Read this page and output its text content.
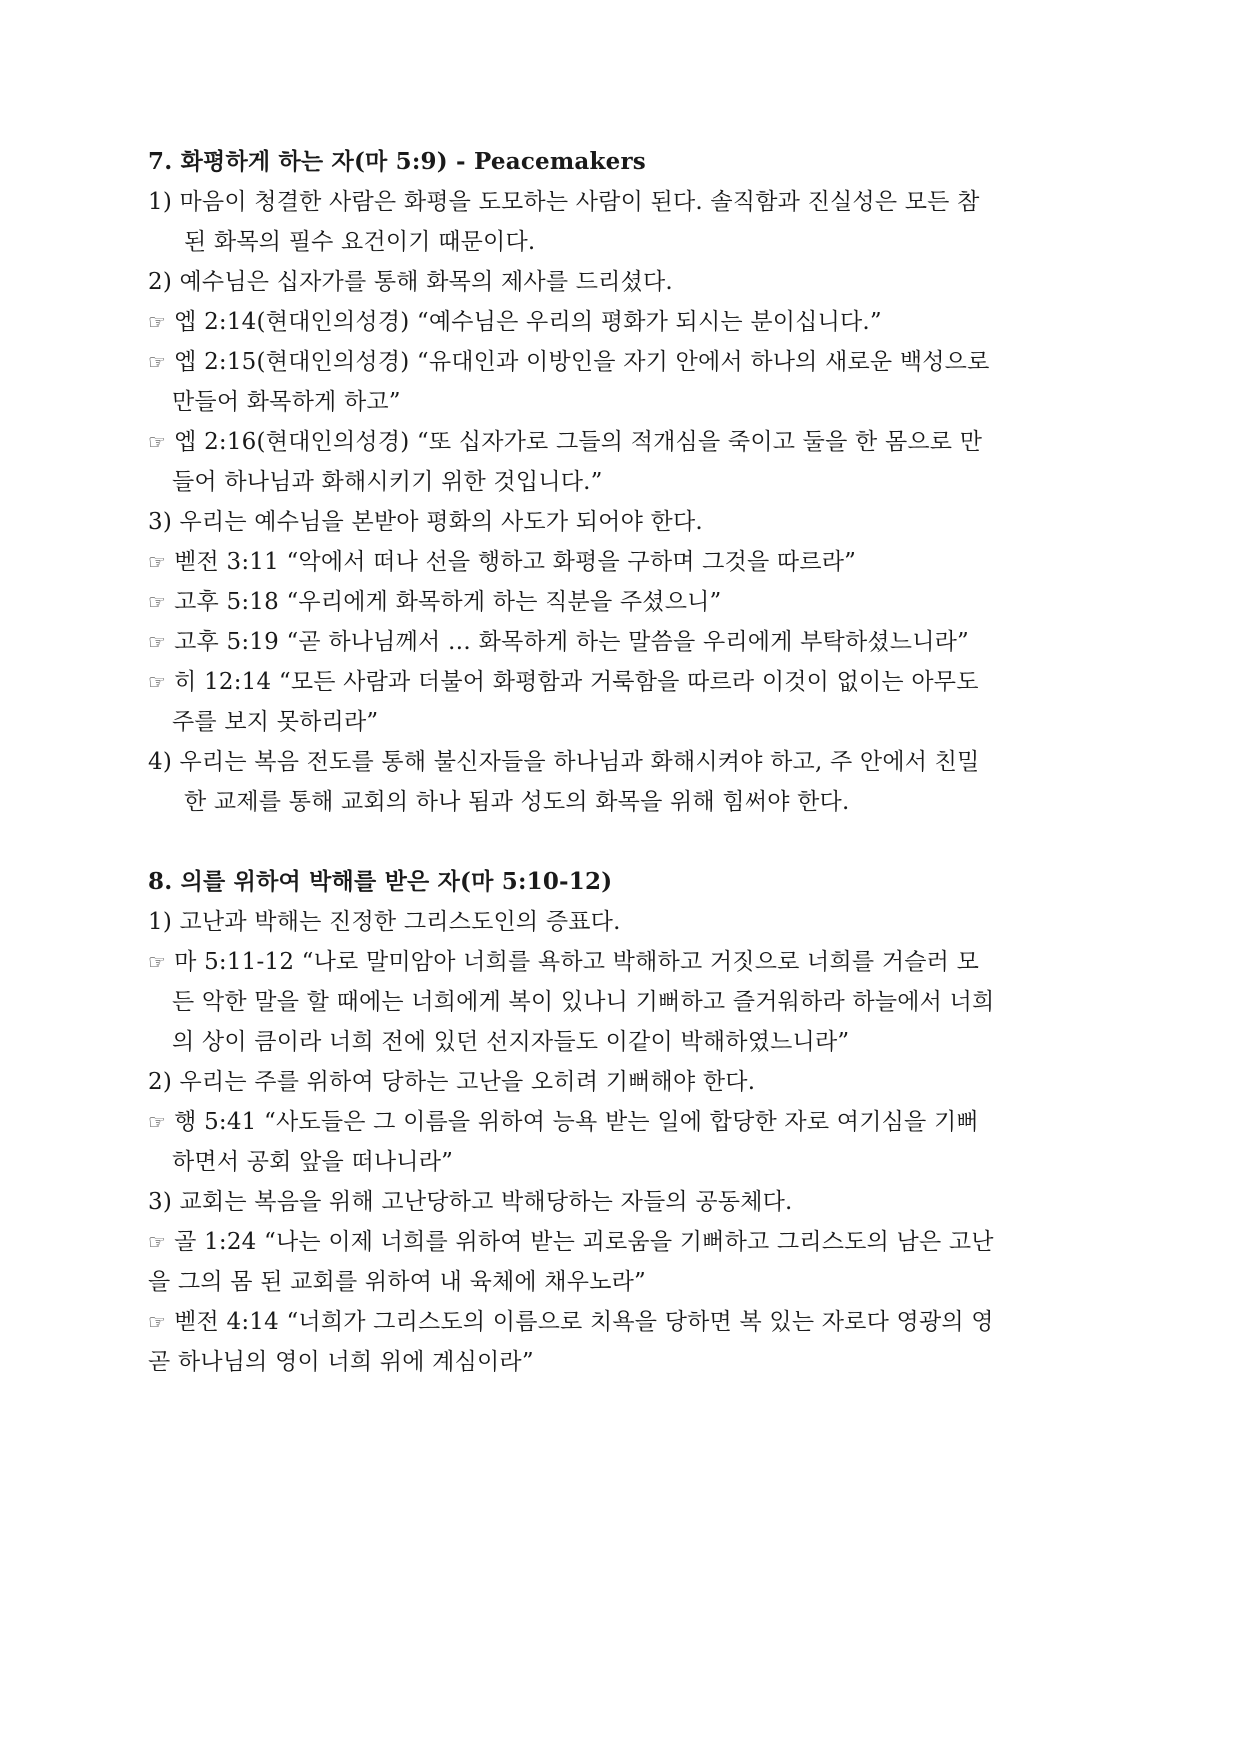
7. 화평하게 하는 자(마 5:9) - Peacemakers
1) 마음이 청결한 사람은 화평을 도모하는 사람이 된다. 솔직함과 진실성은 모든 참
된 화목의 필수 요건이기 때문이다.
2) 예수님은 십자가를 통해 화목의 제사를 드리셨다.
☞ 엡 2:14(현대인의성경) “예수님은 우리의 평화가 되시는 분이십니다.”
☞ 엡 2:15(현대인의성경) “유대인과 이방인을 자기 안에서 하나의 새로운 백성으로
만들어 화목하게 하고”
☞ 엡 2:16(현대인의성경) “또 십자가로 그들의 적개심을 죽이고 둘을 한 몸으로 만
들어 하나님과 화해시키기 위한 것입니다.”
3) 우리는 예수님을 본받아 평화의 사도가 되어야 한다.
☞ 벧전 3:11 “악에서 떠나 선을 행하고 화평을 구하며 그것을 따르라”
☞ 고후 5:18 “우리에게 화목하게 하는 직분을 주셨으니”
☞ 고후 5:19 “곧 하나님께서 … 화목하게 하는 말씀을 우리에게 부탁하셨느니라”
☞ 히 12:14 “모든 사람과 더불어 화평함과 거룩함을 따르라 이것이 없이는 아무도
주를 보지 못하리라”
4) 우리는 복음 전도를 통해 불신자들을 하나님과 화해시켜야 하고, 주 안에서 친밀
한 교제를 통해 교회의 하나 됨과 성도의 화목을 위해 힘써야 한다.
8. 의를 위하여 박해를 받은 자(마 5:10-12)
1) 고난과 박해는 진정한 그리스도인의 증표다.
☞ 마 5:11-12 “나로 말미암아 너희를 욕하고 박해하고 거짓으로 너희를 거슬러 모
든 악한 말을 할 때에는 너희에게 복이 있나니 기뻐하고 즐거워하라 하늘에서 너희
의 상이 큼이라 너희 전에 있던 선지자들도 이같이 박해하였느니라”
2) 우리는 주를 위하여 당하는 고난을 오히려 기뻐해야 한다.
☞ 행 5:41 “사도들은 그 이름을 위하여 능욕 받는 일에 합당한 자로 여기심을 기뻐
하면서 공회 앞을 떠나니라”
3) 교회는 복음을 위해 고난당하고 박해당하는 자들의 공동체다.
☞ 골 1:24 “나는 이제 너희를 위하여 받는 괴로움을 기뻐하고 그리스도의 남은 고난
을 그의 몸 된 교회를 위하여 내 육체에 채우노라”
☞ 벧전 4:14 “너희가 그리스도의 이름으로 치욕을 당하면 복 있는 자로다 영광의 영
곧 하나님의 영이 너희 위에 계심이라”
